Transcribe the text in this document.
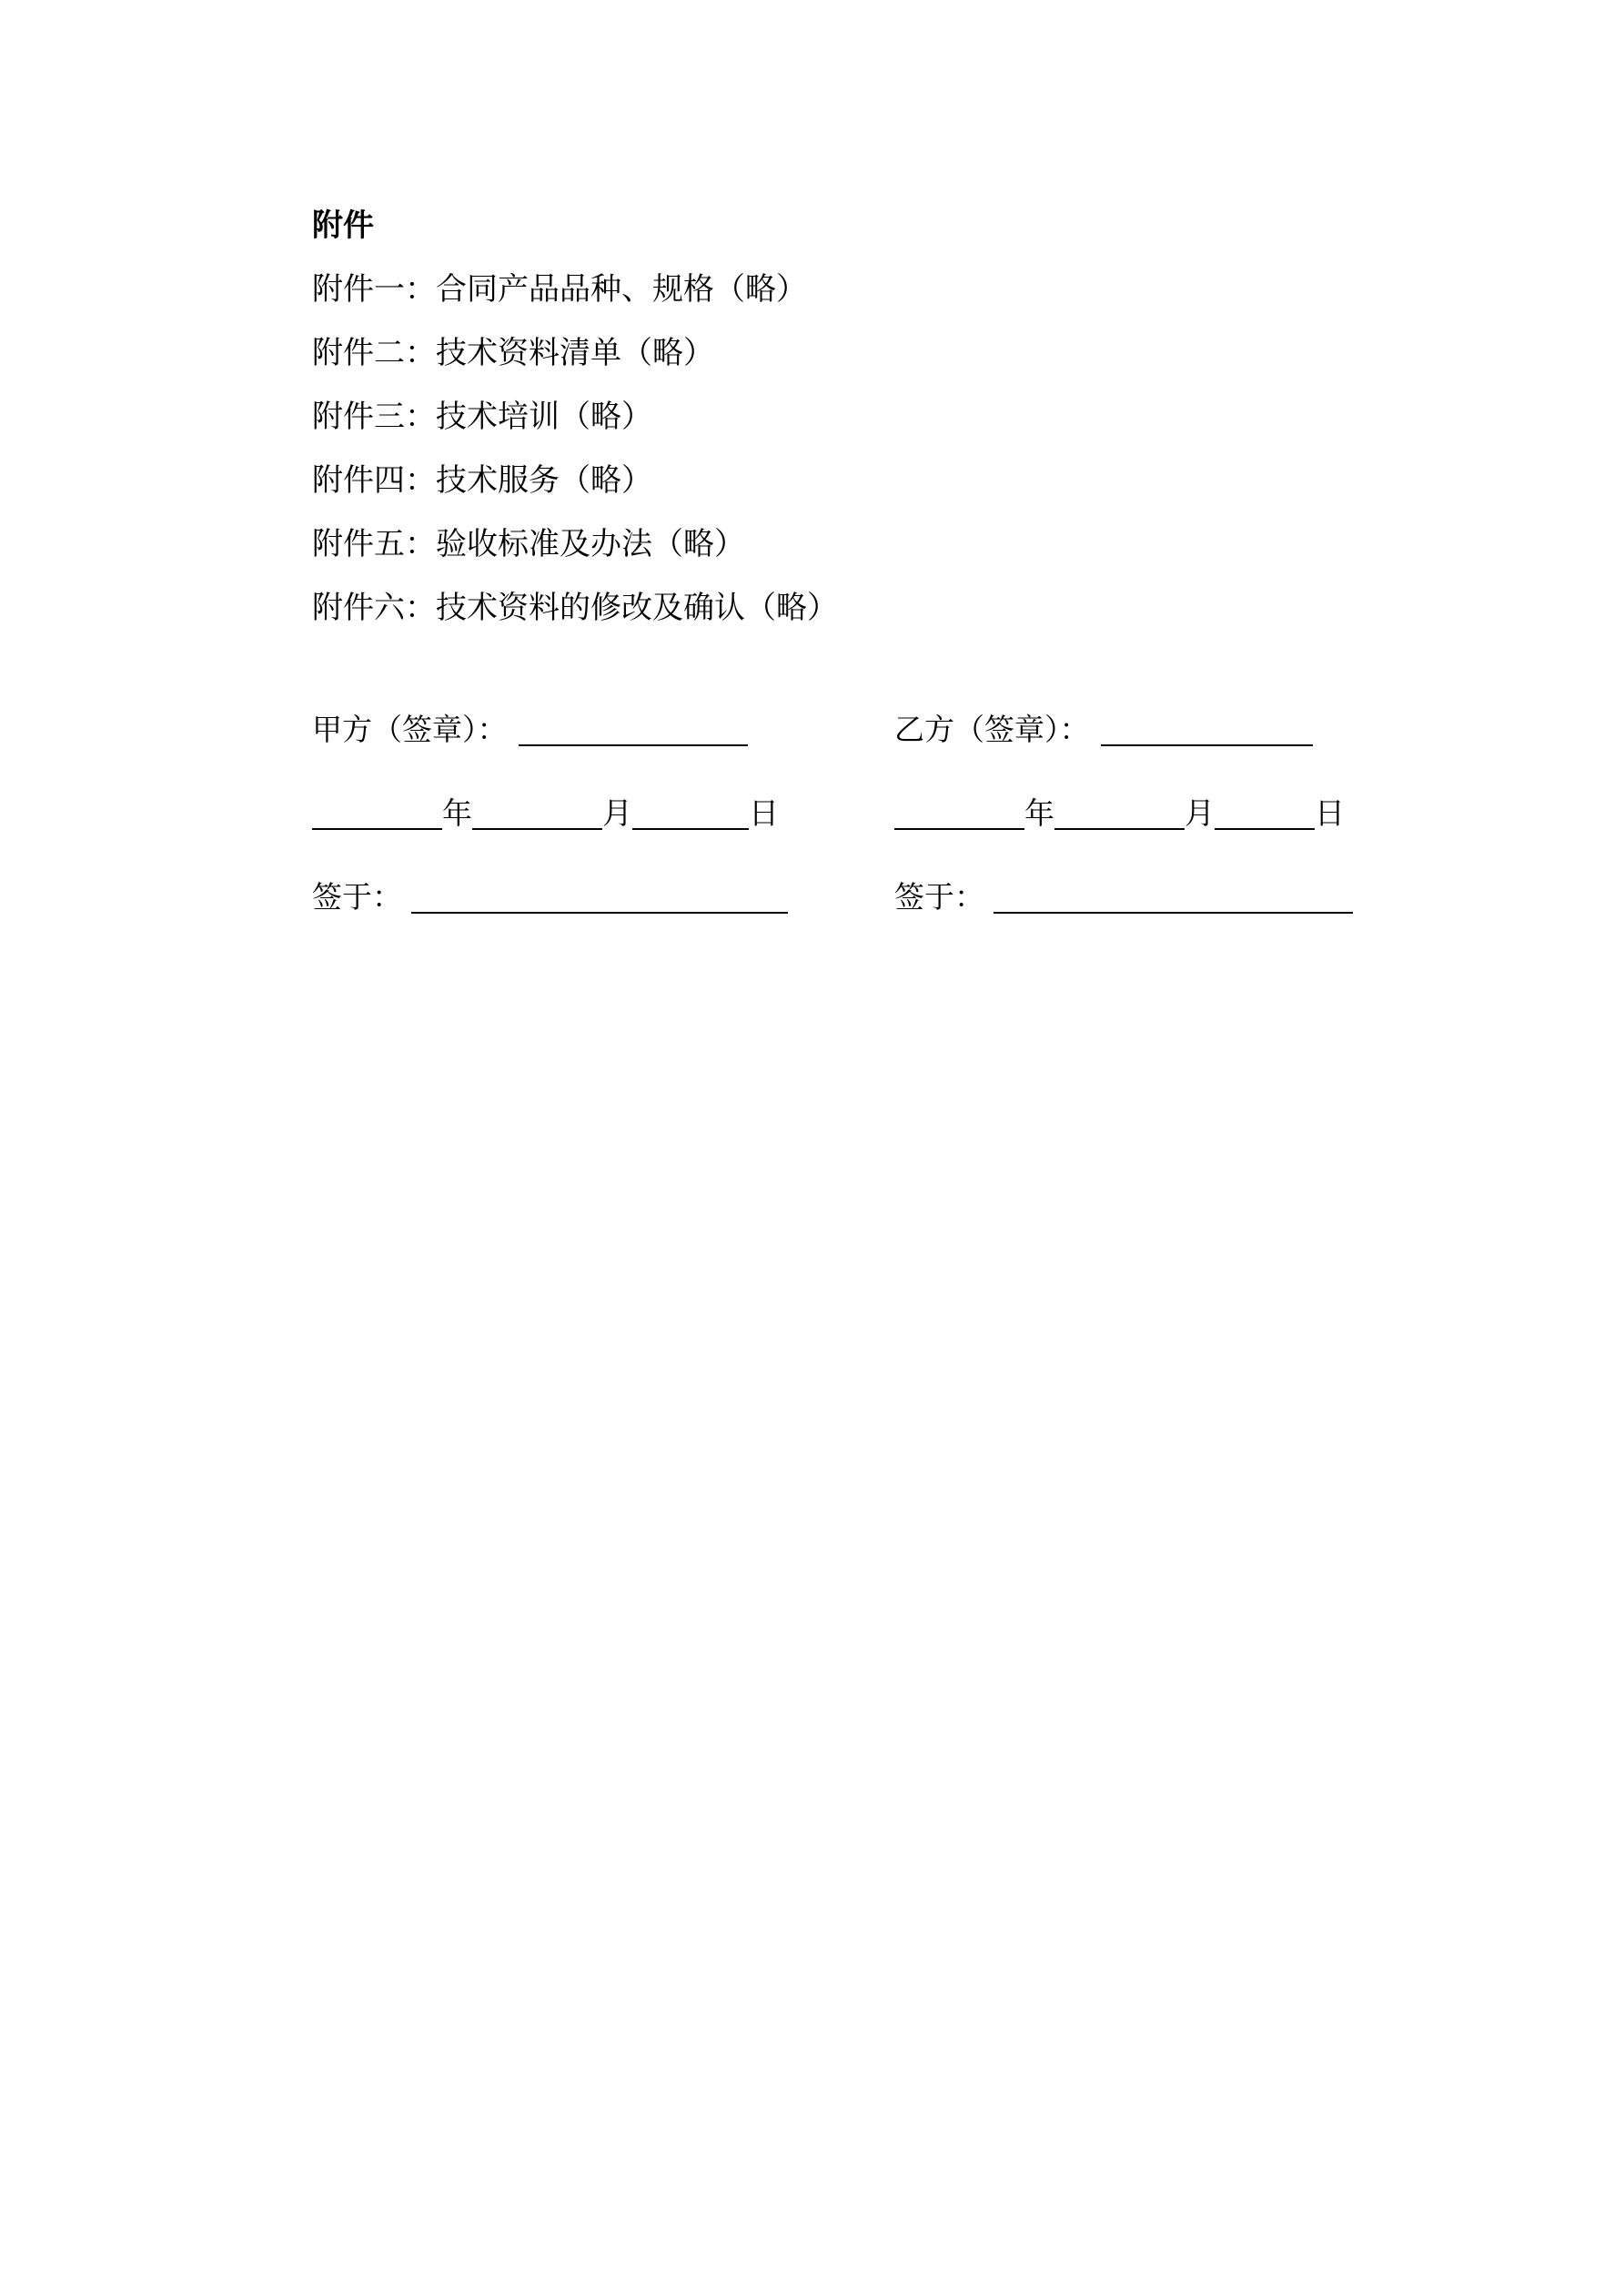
附件
附件一：合同产品品种、规格（略）
附件二：技术资料清单（略）
附件三：技术培训（略）
附件四：技术服务（略）
附件五：验收标准及办法（略）
附件六：技术资料的修改及确认（略）
甲方（签章）：
年	月	日
签于：
乙方（签章）：
年	月	日
签于：
